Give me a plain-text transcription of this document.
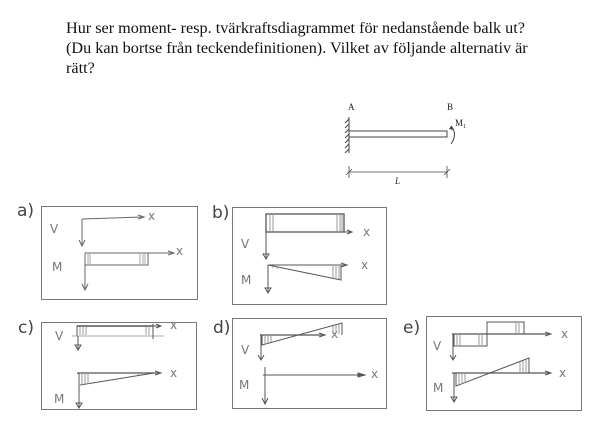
Hur ser moment- resp. tvärkraftsdiagrammet för nedanstående balk ut?
(Du kan bortse från teckendefinitionen). Vilket av följande alternativ är
rätt?
A	B
$M_1$
L
a)
V
x
M
x
b)
x
V
M
x
c)	x
V
x
M
d)	x
V
M
x
e)	x
V
x
M
